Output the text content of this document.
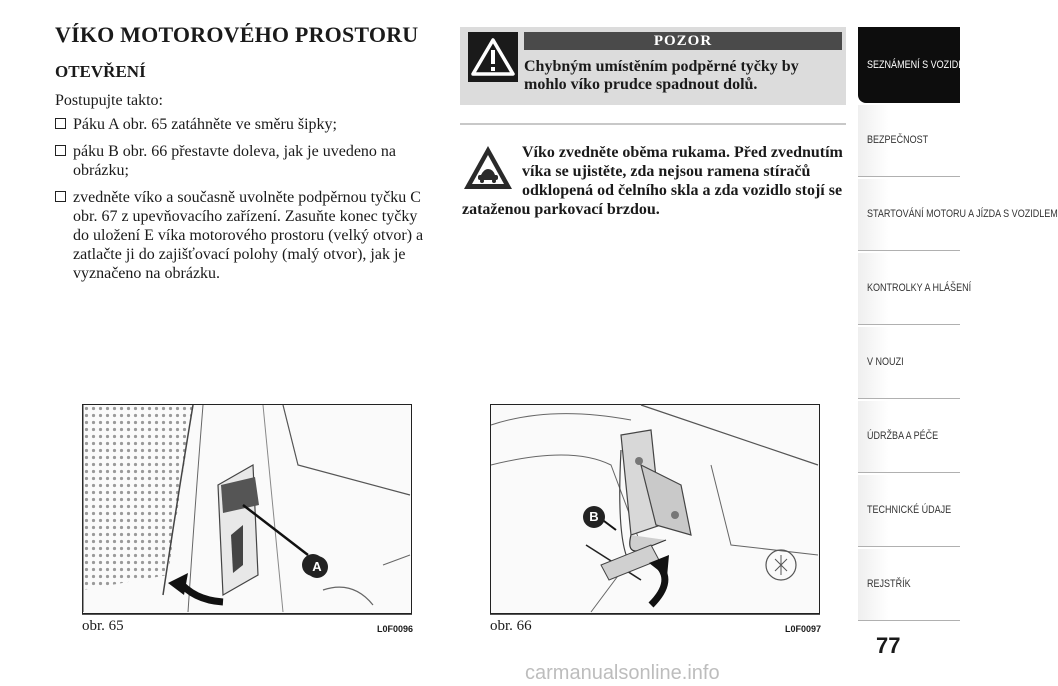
VÍKO MOTOROVÉHO PROSTORU
OTEVŘENÍ
Postupujte takto:
Páku A obr. 65 zatáhněte ve směru šipky;
páku B obr. 66 přestavte doleva, jak je uvedeno na obrázku;
zvedněte víko a současně uvolněte podpěrnou tyčku C obr. 67 z upevňovacího zařízení. Zasuňte konec tyčky do uložení E víka motorového prostoru (velký otvor) a zatlačte ji do zajišťovací polohy (malý otvor), jak je vyznačeno na obrázku.
POZOR
Chybným umístěním podpěrné tyčky by mohlo víko prudce spadnout dolů.
Víko zvedněte oběma rukama. Před zvednutím víka se ujistěte, zda nejsou ramena stíračů odklopená od čelního skla a zda vozidlo stojí se zataženou parkovací brzdou.
A
obr. 65	L0F0096
B
obr. 66	L0F0097
SEZNÁMENÍ S VOZIDLEM
BEZPEČNOST
STARTOVÁNÍ MOTORU A JÍZDA S VOZIDLEM
KONTROLKY A HLÁŠENÍ
V NOUZI
ÚDRŽBA A PÉČE
TECHNICKÉ ÚDAJE
REJSTŘÍK
77
carmanualsonline.info
